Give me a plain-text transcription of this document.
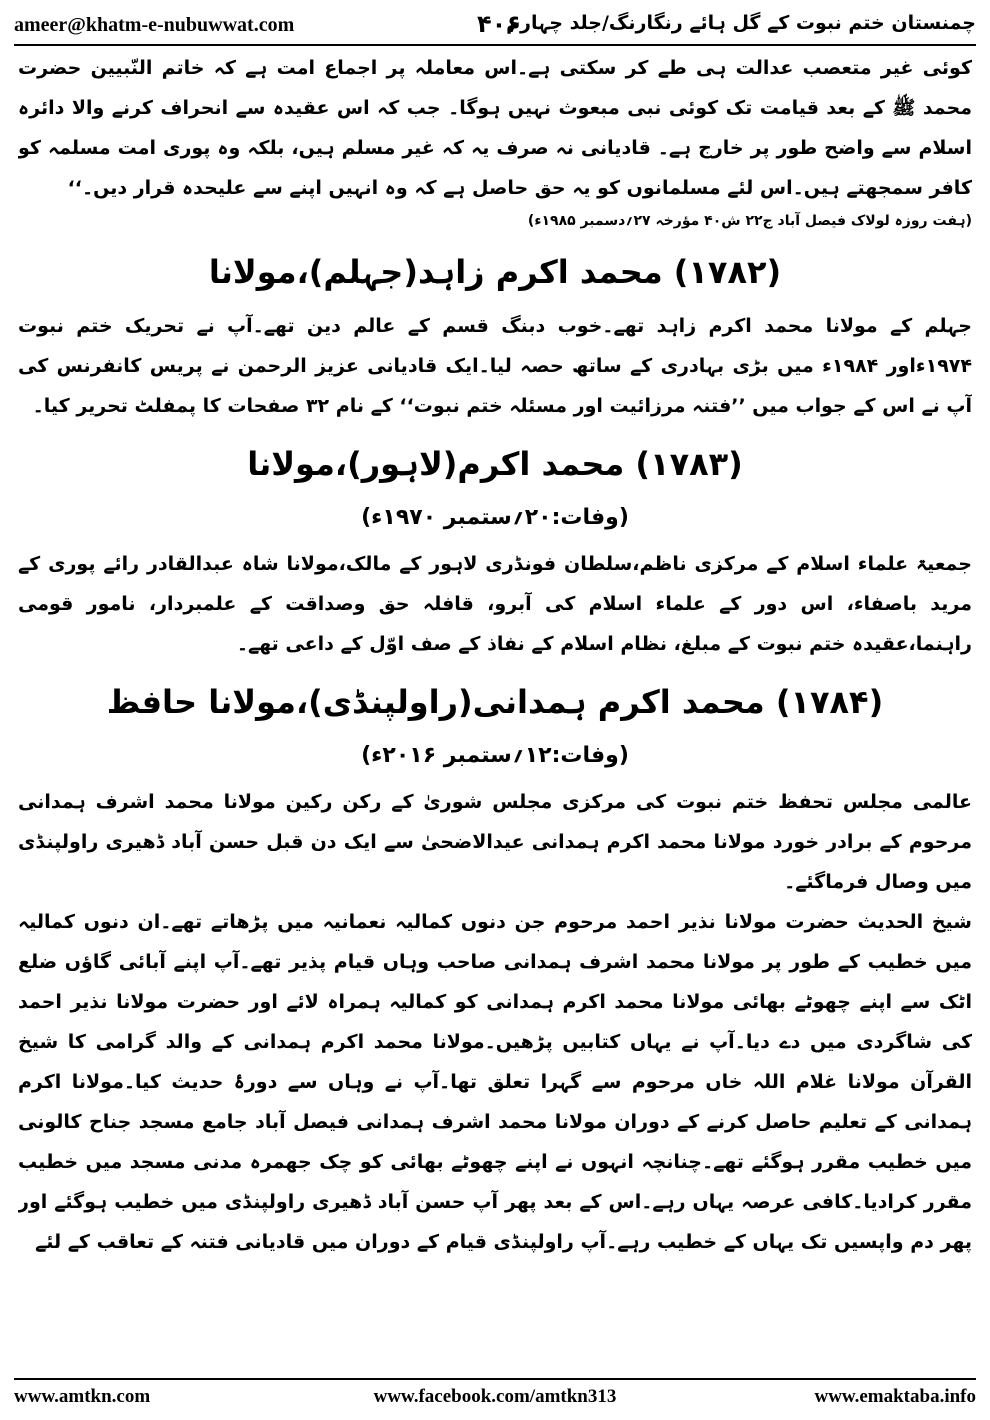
ameer@khatm-e-nubuwwat.com	۴۰۶
چمنستان ختم نبوت کے گل ہائے رنگارنگ/جلد چہارم

کوئی غیر متعصب عدالت ہی طے کر سکتی ہے۔اس معاملہ پر اجماع امت ہے کہ خاتم النّبیین حضرت محمد ﷺ کے بعد قیامت تک کوئی نبی مبعوث نہیں ہوگا۔ جب کہ اس عقیدہ سے انحراف کرنے والا دائرہ اسلام سے واضح طور پر خارج ہے۔ قادیانی نہ صرف یہ کہ غیر مسلم ہیں، بلکہ وہ پوری امت مسلمہ کو کافر سمجھتے ہیں۔اس لئے مسلمانوں کو یہ حق حاصل ہے کہ وہ انہیں اپنے سے علیحدہ قرار دیں۔‘‘

(ہفت روزہ لولاک فیصل آباد ج۲۲ ش۴۰ مؤرخہ ۲۷؍دسمبر ۱۹۸۵ء)

(۱۷۸۲) محمد اکرم زاہد(جہلم)،مولانا

جہلم کے مولانا محمد اکرم زاہد تھے۔خوب دبنگ قسم کے عالم دین تھے۔آپ نے تحریک ختم نبوت ۱۹۷۴ءاور ۱۹۸۴ء میں بڑی بہادری کے ساتھ حصہ لیا۔ایک قادیانی عزیز الرحمن نے پریس کانفرنس کی آپ نے اس کے جواب میں ’’فتنہ مرزائیت اور مسئلہ ختم نبوت‘‘ کے نام ۳۲ صفحات کا پمفلٹ تحریر کیا۔

(۱۷۸۳) محمد اکرم(لاہور)،مولانا
(وفات:۲۰؍ستمبر ۱۹۷۰ء)

جمعیۃ علماء اسلام کے مرکزی ناظم،سلطان فونڈری لاہور کے مالک،مولانا شاہ عبدالقادر رائے پوری کے مرید باصفاء، اس دور کے علماء اسلام کی آبرو، قافلہ حق وصداقت کے علمبردار، نامور قومی راہنما،عقیدہ ختم نبوت کے مبلغ، نظام اسلام کے نفاذ کے صف اوّل کے داعی تھے۔

(۱۷۸۴) محمد اکرم ہمدانی(راولپنڈی)،مولانا حافظ
(وفات:۱۲؍ستمبر ۲۰۱۶ء)

عالمی مجلس تحفظ ختم نبوت کی مرکزی مجلس شوریٰ کے رکن رکین مولانا محمد اشرف ہمدانی مرحوم کے برادر خورد مولانا محمد اکرم ہمدانی عیدالاضحیٰ سے ایک دن قبل حسن آباد ڈھیری راولپنڈی میں وصال فرماگئے۔

شیخ الحدیث حضرت مولانا نذیر احمد مرحوم جن دنوں کمالیہ نعمانیہ میں پڑھاتے تھے۔ان دنوں کمالیہ میں خطیب کے طور پر مولانا محمد اشرف ہمدانی صاحب وہاں قیام پذیر تھے۔آپ اپنے آبائی گاؤں ضلع اٹک سے اپنے چھوٹے بھائی مولانا محمد اکرم ہمدانی کو کمالیہ ہمراہ لائے اور حضرت مولانا نذیر احمد کی شاگردی میں دے دیا۔آپ نے یہاں کتابیں پڑھیں۔مولانا محمد اکرم ہمدانی کے والد گرامی کا شیخ القرآن مولانا غلام اللہ خاں مرحوم سے گہرا تعلق تھا۔آپ نے وہاں سے دورۂ حدیث کیا۔مولانا اکرم ہمدانی کے تعلیم حاصل کرنے کے دوران مولانا محمد اشرف ہمدانی فیصل آباد جامع مسجد جناح کالونی میں خطیب مقرر ہوگئے تھے۔چنانچہ انہوں نے اپنے چھوٹے بھائی کو چک جھمرہ مدنی مسجد میں خطیب مقرر کرادیا۔کافی عرصہ یہاں رہے۔اس کے بعد پھر آپ حسن آباد ڈھیری راولپنڈی میں خطیب ہوگئے اور پھر دم واپسیں تک یہاں کے خطیب رہے۔آپ راولپنڈی قیام کے دوران میں قادیانی فتنہ کے تعاقب کے لئے

www.amtkn.com	www.facebook.com/amtkn313	www.emaktaba.info
